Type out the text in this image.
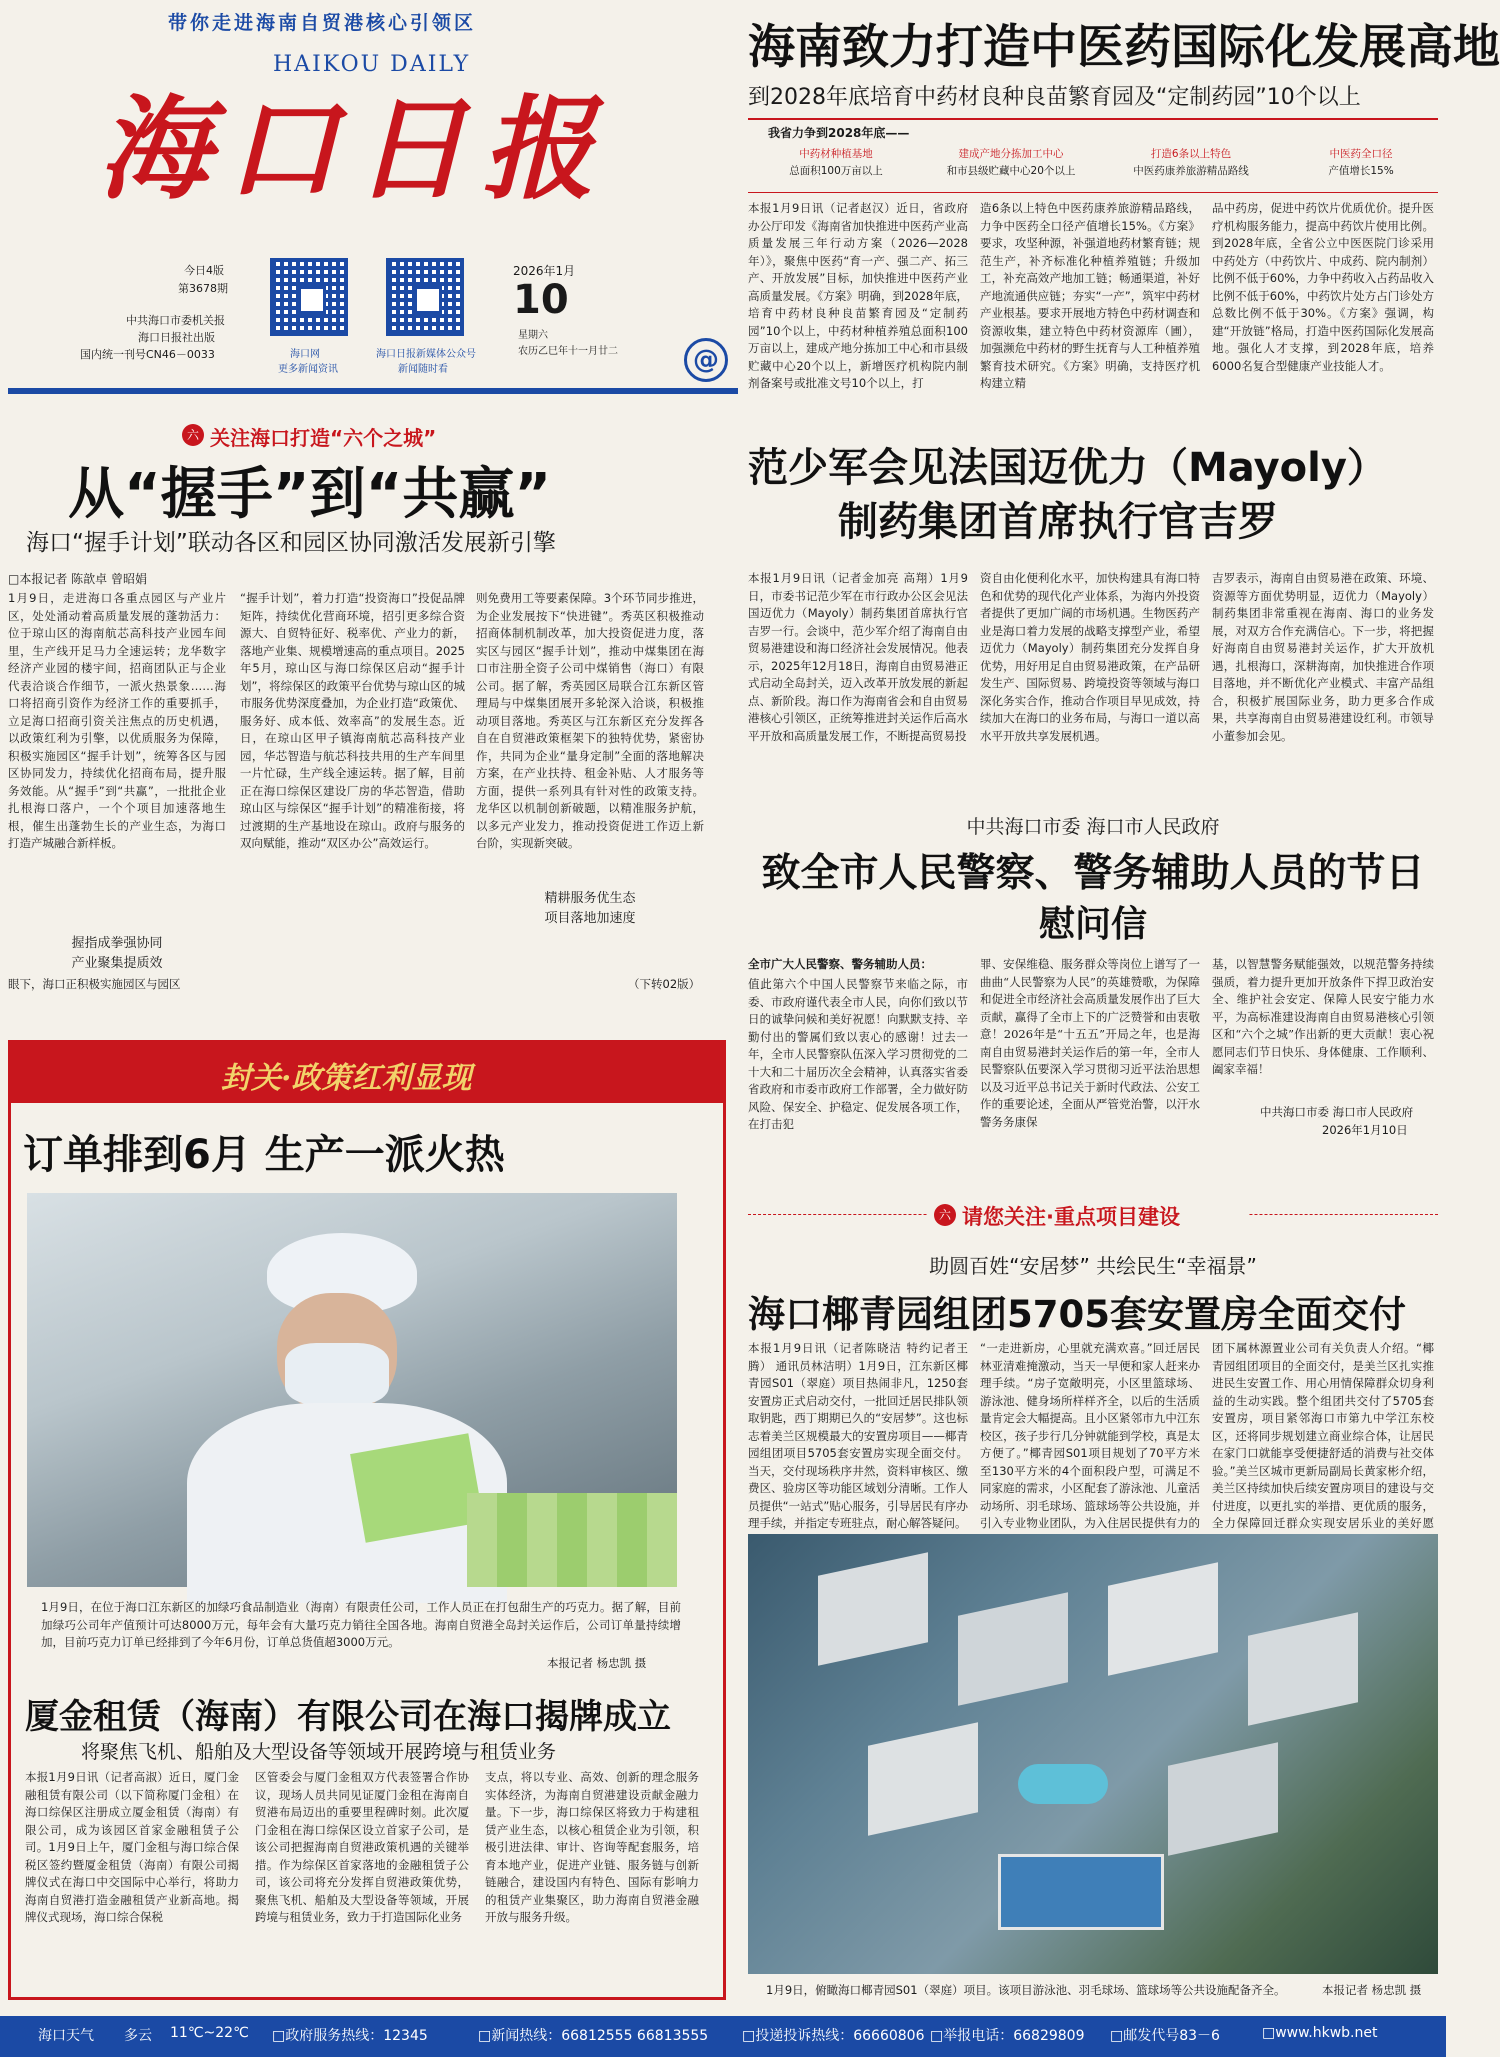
带你走进海南自贸港核心引领区
HAIKOU DAILY
海口日报
今日4版
第3678期
海口网
更多新闻资讯
海口日报新媒体公众号
新闻随时看
2026年1月
10
星期六
农历乙巳年十一月廿二
中共海口市委机关报
海口日报社出版
国内统一刊号CN46－0033	@
海南致力打造中医药国际化发展高地
到2028年底培育中药材良种良苗繁育园及“定制药园”10个以上
我省力争到2028年底——
中药材种植基地
总面积100万亩以上
建成产地分拣加工中心
和市县级贮藏中心20个以上
打造6条以上特色
中医药康养旅游精品路线
中医药全口径
产值增长15%
本报1月9日讯（记者赵汉）近日，省政府办公厅印发《海南省加快推进中医药产业高质量发展三年行动方案（2026—2028年）》，聚焦中医药“育一产、强二产、拓三产、开放发展”目标，加快推进中医药产业高质量发展。《方案》明确，到2028年底，培育中药材良种良苗繁育园及“定制药园”10个以上，中药材种植养殖总面积100万亩以上，建成产地分拣加工中心和市县级贮藏中心20个以上，新增医疗机构院内制剂备案号或批准文号10个以上，打
造6条以上特色中医药康养旅游精品路线，力争中医药全口径产值增长15%。《方案》要求，攻坚种源，补强道地药材繁育链；规范生产，补齐标准化种植养殖链；升级加工，补充高效产地加工链；畅通渠道，补好产地流通供应链；夯实“一产”，筑牢中药材产业根基。要求开展地方特色中药材调查和资源收集，建立特色中药材资源库（圃），加强濒危中药材的野生抚育与人工种植养殖繁育技术研究。《方案》明确，支持医疗机构建立精
品中药房，促进中药饮片优质优价。提升医疗机构服务能力，提高中药饮片使用比例。到2028年底，全省公立中医医院门诊采用中药处方（中药饮片、中成药、院内制剂）比例不低于60%，力争中药收入占药品收入比例不低于60%，中药饮片处方占门诊处方总数比例不低于30%。《方案》强调，构建“开放链”格局，打造中医药国际化发展高地。强化人才支撑，到2028年底，培养6000名复合型健康产业技能人才。
六 关注海口打造“六个之城”
从“握手”到“共赢”
海口“握手计划”联动各区和园区协同激活发展新引擎
□本报记者 陈歆卓 曾昭娟
1月9日，走进海口各重点园区与产业片区，处处涌动着高质量发展的蓬勃活力：位于琼山区的海南航芯高科技产业园车间里，生产线开足马力全速运转；龙华数字经济产业园的楼宇间，招商团队正与企业代表洽谈合作细节，一派火热景象……海口将招商引资作为经济工作的重要抓手，立足海口招商引资关注焦点的历史机遇，以政策红利为引擎，以优质服务为保障，积极实施园区“握手计划”，统筹各区与园区协同发力，持续优化招商布局，提升服务效能。从“握手”到“共赢”，一批批企业扎根海口落户，一个个项目加速落地生根，催生出蓬勃生长的产业生态，为海口打造产城融合新样板。
握指成拳强协同
产业聚集提质效
眼下，海口正积极实施园区与园区
“握手计划”，着力打造“投资海口”投促品牌矩阵，持续优化营商环境，招引更多综合资源大、自贸特征好、税率优、产业力的新，落地产业集、规模增速高的重点项目。2025年5月，琼山区与海口综保区启动“握手计划”，将综保区的政策平台优势与琼山区的城市服务优势深度叠加，为企业打造“政策优、服务好、成本低、效率高”的发展生态。近日，在琼山区甲子镇海南航芯高科技产业园，华芯智造与航芯科技共用的生产车间里一片忙碌，生产线全速运转。据了解，目前正在海口综保区建设厂房的华芯智造，借助琼山区与综保区“握手计划”的精准衔接，将过渡期的生产基地设在琼山。政府与服务的双向赋能，推动“双区办公”高效运行。
则免费用工等要素保障。3个环节同步推进，为企业发展按下“快进键”。秀英区积极推动招商体制机制改革，加大投资促进力度，落实区与园区“握手计划”，推动中煤集团在海口市注册全资子公司中煤销售（海口）有限公司。据了解，秀英园区局联合江东新区管理局与中煤集团展开多轮深入洽谈，积极推动项目落地。秀英区与江东新区充分发挥各自在自贸港政策框架下的独特优势，紧密协作，共同为企业“量身定制”全面的落地解决方案，在产业扶持、租金补贴、人才服务等方面，提供一系列具有针对性的政策支持。龙华区以机制创新破题，以精准服务护航，以多元产业发力，推动投资促进工作迈上新台阶，实现新突破。
精耕服务优生态
项目落地加速度
（下转02版）
范少军会见法国迈优力（Mayoly）
制药集团首席执行官吉罗
本报1月9日讯（记者金加亮 高翔）1月9日，市委书记范少军在市行政办公区会见法国迈优力（Mayoly）制药集团首席执行官吉罗一行。会谈中，范少军介绍了海南自由贸易港建设和海口经济社会发展情况。他表示，2025年12月18日，海南自由贸易港正式启动全岛封关，迈入改革开放发展的新起点、新阶段。海口作为海南省会和自由贸易港核心引领区，正统筹推进封关运作后高水平开放和高质量发展工作，不断提高贸易投
资自由化便利化水平，加快构建具有海口特色和优势的现代化产业体系，为海内外投资者提供了更加广阔的市场机遇。生物医药产业是海口着力发展的战略支撑型产业，希望迈优力（Mayoly）制药集团充分发挥自身优势，用好用足自由贸易港政策，在产品研发生产、国际贸易、跨境投资等领域与海口深化务实合作，推动合作项目早见成效，持续加大在海口的业务布局，与海口一道以高水平开放共享发展机遇。
吉罗表示，海南自由贸易港在政策、环境、资源等方面优势明显，迈优力（Mayoly）制药集团非常重视在海南、海口的业务发展，对双方合作充满信心。下一步，将把握好海南自由贸易港封关运作，扩大开放机遇，扎根海口，深耕海南，加快推进合作项目落地，并不断优化产业模式、丰富产品组合，积极扩展国际业务，助力更多合作成果，共享海南自由贸易港建设红利。市领导小董参加会见。
中共海口市委 海口市人民政府
致全市人民警察、警务辅助人员的节日
慰问信
全市广大人民警察、警务辅助人员：
值此第六个中国人民警察节来临之际，市委、市政府谨代表全市人民，向你们致以节日的诚挚问候和美好祝愿！向默默支持、辛勤付出的警属们致以衷心的感谢！过去一年，全市人民警察队伍深入学习贯彻党的二十大和二十届历次全会精神，认真落实省委省政府和市委市政府工作部署，全力做好防风险、保安全、护稳定、促发展各项工作，在打击犯
罪、安保维稳、服务群众等岗位上谱写了一曲曲“人民警察为人民”的英雄赞歌，为保障和促进全市经济社会高质量发展作出了巨大贡献，赢得了全市上下的广泛赞誉和由衷敬意！2026年是“十五五”开局之年，也是海南自由贸易港封关运作后的第一年，全市人民警察队伍要深入学习贯彻习近平法治思想以及习近平总书记关于新时代政法、公安工作的重要论述，全面从严管党治警，以汗水警务务康保
基，以智慧警务赋能强效，以规范警务持续强质，着力提升更加开放条件下捍卫政治安全、维护社会安定、保障人民安宁能力水平，为高标准建设海南自由贸易港核心引领区和“六个之城”作出新的更大贡献！衷心祝愿同志们节日快乐、身体健康、工作顺利、阖家幸福！
中共海口市委 海口市人民政府
2026年1月10日
封关·政策红利显现
订单排到6月 生产一派火热
1月9日，在位于海口江东新区的加绿巧食品制造业（海南）有限责任公司，工作人员正在打包甜生产的巧克力。据了解，目前加绿巧公司年产值预计可达8000万元，每年会有大量巧克力销往全国各地。海南自贸港全岛封关运作后，公司订单量持续增加，目前巧克力订单已经排到了今年6月份，订单总货值超3000万元。
本报记者 杨忠凯 摄
厦金租赁（海南）有限公司在海口揭牌成立
将聚焦飞机、船舶及大型设备等领域开展跨境与租赁业务
本报1月9日讯（记者高淑）近日，厦门金融租赁有限公司（以下简称厦门金租）在海口综保区注册成立厦金租赁（海南）有限公司，成为该园区首家金融租赁子公司。1月9日上午，厦门金租与海口综合保税区签约暨厦金租赁（海南）有限公司揭牌仪式在海口中交国际中心举行，将助力海南自贸港打造金融租赁产业新高地。揭牌仪式现场，海口综合保税
区管委会与厦门金租双方代表签署合作协议，现场人员共同见证厦门金租在海南自贸港布局迈出的重要里程碑时刻。此次厦门金租在海口综保区设立首家子公司，是该公司把握海南自贸港政策机遇的关键举措。作为综保区首家落地的金融租赁子公司，该公司将充分发挥自贸港政策优势，聚焦飞机、船舶及大型设备等领域，开展跨境与租赁业务，致力于打造国际化业务
支点，将以专业、高效、创新的理念服务实体经济，为海南自贸港建设贡献金融力量。下一步，海口综保区将致力于构建租赁产业生态，以核心租赁企业为引领，积极引进法律、审计、咨询等配套服务，培育本地产业，促进产业链、服务链与创新链融合，建设国内有特色、国际有影响力的租赁产业集聚区，助力海南自贸港金融开放与服务升级。
六 请您关注·重点项目建设
助圆百姓“安居梦” 共绘民生“幸福景”
海口椰青园组团5705套安置房全面交付
本报1月9日讯（记者陈晓洁 特约记者王腾） 通讯员林洁明）1月9日，江东新区椰青园S01（翠庭）项目热闹非凡，1250套安置房正式启动交付，一批回迁居民排队领取钥匙，西丁期期已久的“安居梦”。这也标志着美兰区规模最大的安置房项目——椰青园组团项目5705套安置房实现全面交付。当天，交付现场秩序井然，资料审核区、缴费区、验房区等功能区域划分清晰。工作人员提供“一站式”贴心服务，引导居民有序办理手续，并指定专班驻点，耐心解答疑问。
“一走进新房，心里就充满欢喜。”回迁居民林亚清难掩激动，当天一早便和家人赶来办理手续。“房子宽敞明亮，小区里篮球场、游泳池、健身场所样样齐全，以后的生活质量肯定会大幅提高。且小区紧邻市九中江东校区，孩子步行几分钟就能到学校，真是太方便了。”椰青园S01项目规划了70平方米至130平方米的4个面积段户型，可满足不同家庭的需求，小区配套了游泳池、儿童活动场所、羽毛球场、篮球场等公共设施，并引入专业物业团队，为入住居民提供有力的
团下属林源置业公司有关负责人介绍。“椰青园组团项目的全面交付，是美兰区扎实推进民生安置工作、用心用情保障群众切身利益的生动实践。整个组团共交付了5705套安置房，项目紧邻海口市第九中学江东校区，还将同步规划建立商业综合体，让居民在家门口就能享受便捷舒适的消费与社交体验。”美兰区城市更新局副局长黄家彬介绍，美兰区持续加快后续安置房项目的建设与交付进度，以更扎实的举措、更优质的服务，全力保障回迁群众实现安居乐业的美好愿
1月9日，俯瞰海口椰青园S01（翠庭）项目。该项目游泳池、羽毛球场、篮球场等公共设施配备齐全。	本报记者 杨忠凯 摄
海口天气 多云 11℃~22℃ □政府服务热线：12345	□新闻热线：66812555 66813555 □投递投诉热线：66660806 □举报电话：66829809 □邮发代号83－6	□www.hkwb.net
